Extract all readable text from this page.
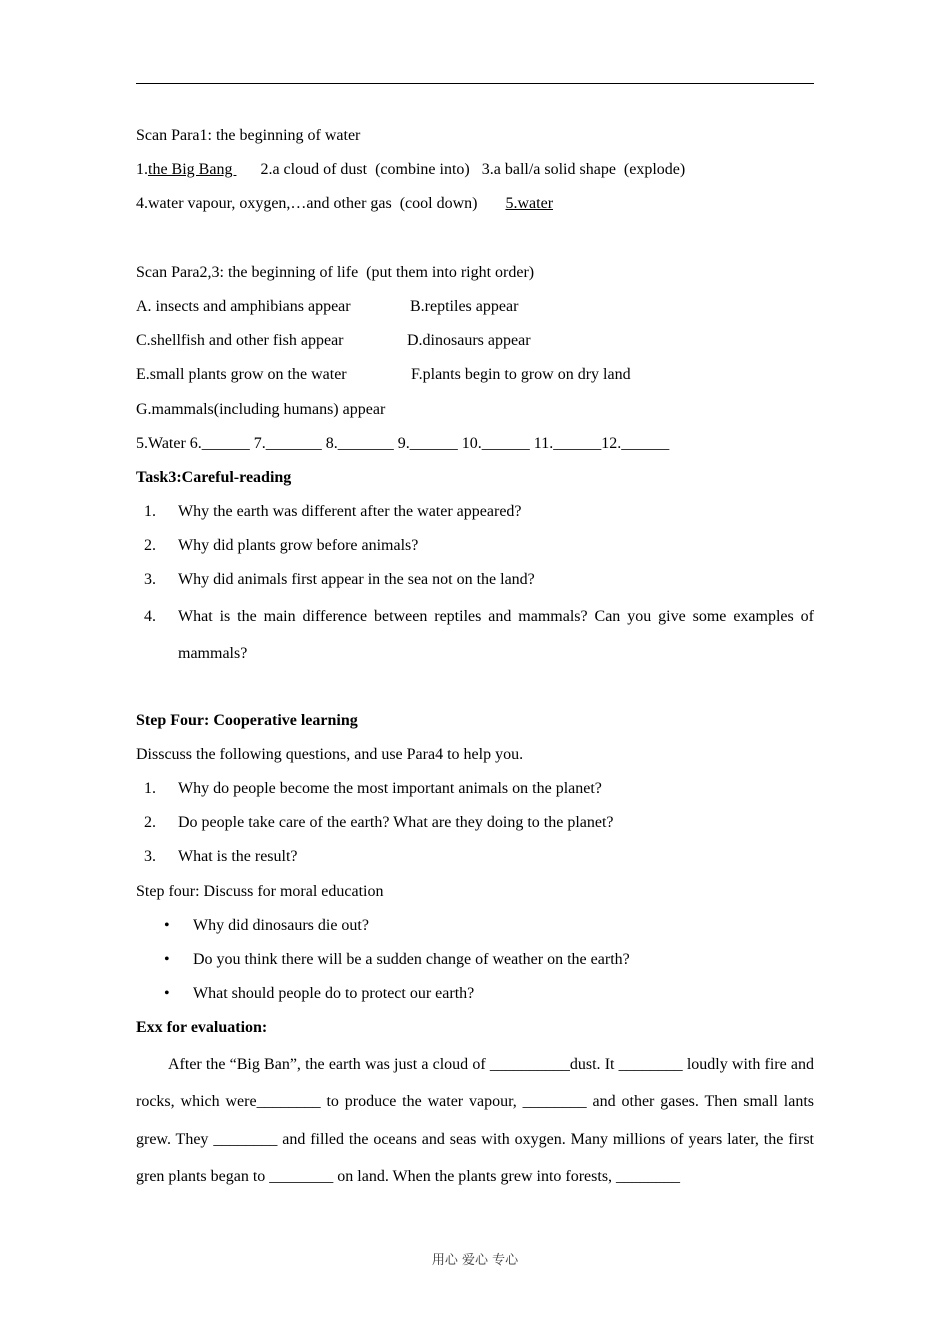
Scan Para1: the beginning of water
1.the Big Bang       2.a cloud of dust  (combine into) 3.a ball/a solid shape  (explode)
4.water vapour, oxygen,…and other gas  (cool down) 5.water
Scan Para2,3: the beginning of life  (put them into right order)
A. insects and amphibians appear	B.reptiles appear
C.shellfish and other fish appear	D.dinosaurs appear
E.small plants grow on the water	F.plants begin to grow on dry land
G.mammals(including humans) appear
5.Water 6.______ 7._______ 8._______ 9.______ 10.______ 11.______12.______
Task3:Careful-reading
1.	Why the earth was different after the water appeared?
2.	Why did plants grow before animals?
3.	Why did animals first appear in the sea not on the land?
4.	What is the main difference between reptiles and mammals? Can you give some examples of mammals?
Step Four: Cooperative learning
Disscuss the following questions, and use Para4 to help you.
1.	Why do people become the most important animals on the planet?
2.	Do people take care of the earth? What are they doing to the planet?
3.	What is the result?
Step four: Discuss for moral education
•	Why did dinosaurs die out?
•	Do you think there will be a sudden change of weather on the earth?
•	What should people do to protect our earth?
Exx for evaluation:
After the “Big Ban”, the earth was just a cloud of __________dust. It ________ loudly with fire and rocks, which were________ to produce the water vapour, ________ and other gases. Then small lants grew. They ________ and filled the oceans and seas with oxygen. Many millions of years later, the first gren plants began to ________ on land. When the plants grew into forests, ________
用心 爱心 专心
